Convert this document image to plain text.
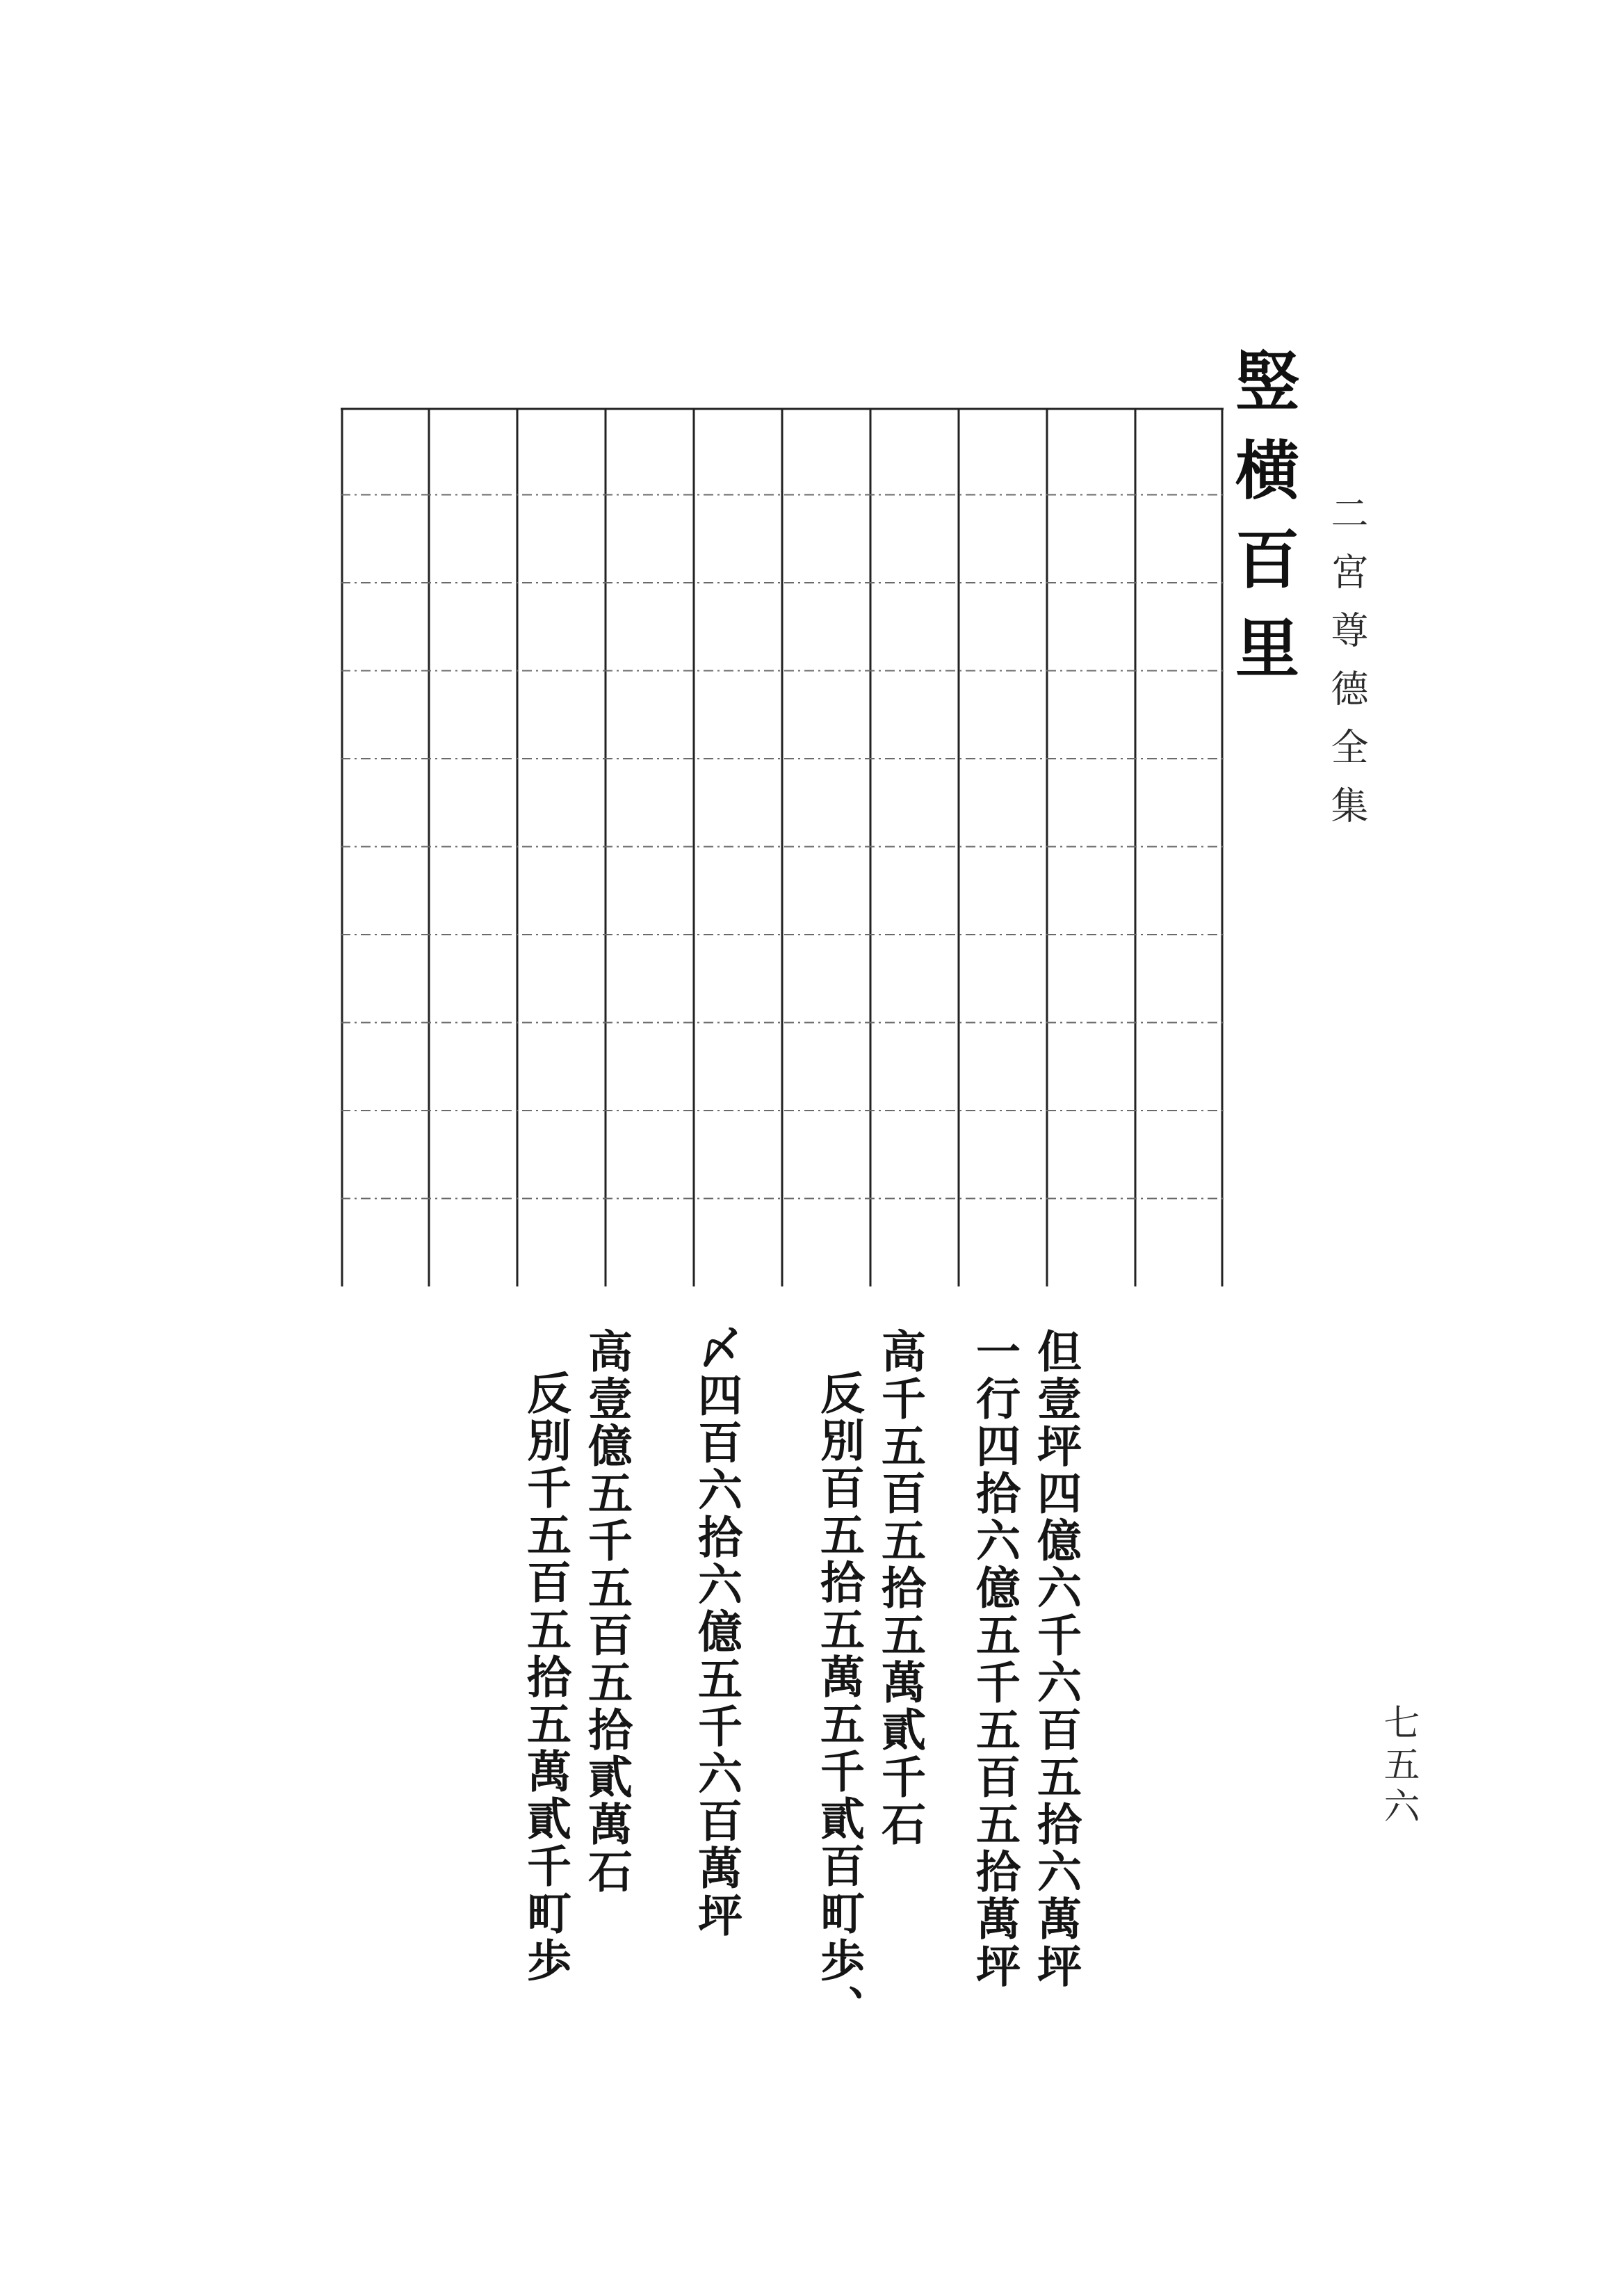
二宮尊德全集
七五六
竪横百里
但壹坪四億六千六百五拾六萬坪
一行四拾六億五千五百五拾萬坪
高千五百五拾五萬貳千石
反別百五拾五萬五千貳百町歩、
〆四百六拾六億五千六百萬坪
高壹億五千五百五拾貳萬石
反別千五百五拾五萬貳千町歩
